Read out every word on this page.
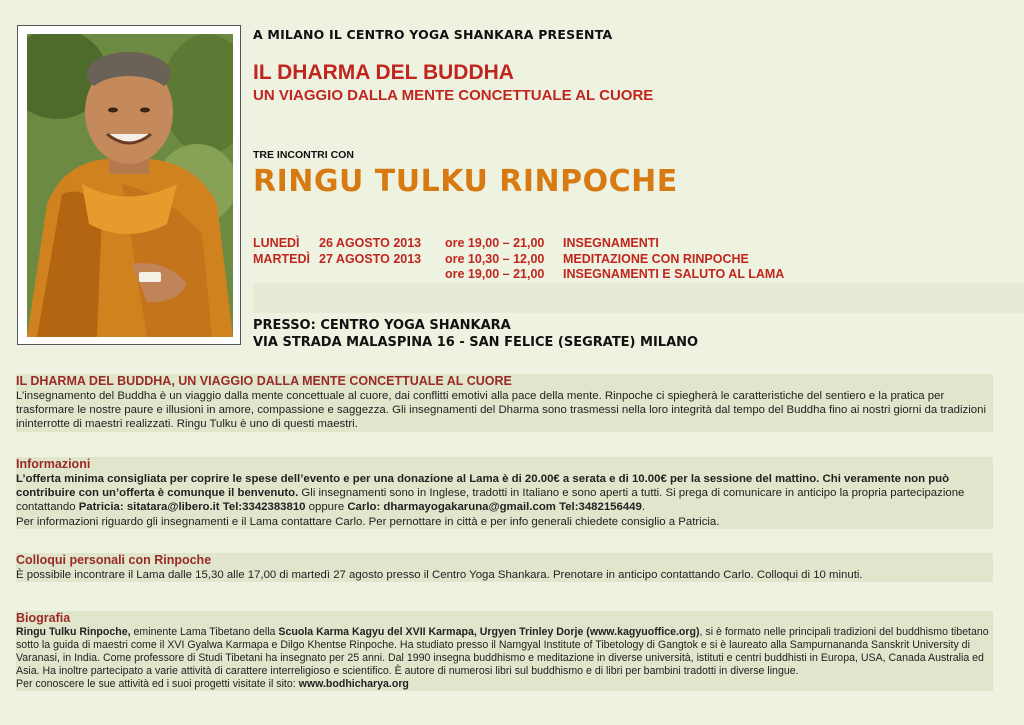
A MILANO IL CENTRO YOGA SHANKARA PRESENTA
IL DHARMA DEL BUDDHA
UN VIAGGIO DALLA MENTE CONCETTUALE AL CUORE
TRE INCONTRI CON
RINGU TULKU RINPOCHE
LUNEDÌ	26 AGOSTO 2013	ore 19,00 – 21,00	INSEGNAMENTI
MARTEDÌ 27 AGOSTO 2013	ore 10,30 – 12,00	MEDITAZIONE CON RINPOCHE
ore 19,00 – 21,00	INSEGNAMENTI E SALUTO AL LAMA
PRESSO: CENTRO YOGA SHANKARA
VIA STRADA MALASPINA 16 - SAN FELICE (SEGRATE) MILANO
IL DHARMA DEL BUDDHA, UN VIAGGIO DALLA MENTE CONCETTUALE AL CUORE
L’insegnamento del Buddha è un viaggio dalla mente concettuale al cuore, dai conflitti emotivi alla pace della mente. Rinpoche ci spiegherà le caratteristiche del sentiero e la pratica per trasformare le nostre paure e illusioni in amore, compassione e saggezza. Gli insegnamenti del Dharma sono trasmessi nella loro integrità dal tempo del Buddha fino ai nostri giorni da tradizioni ininterrotte di maestri realizzati. Ringu Tulku è uno di questi maestri.
Informazioni
L’offerta minima consigliata per coprire le spese dell’evento e per una donazione al Lama è di 20.00€ a serata e di 10.00€ per la sessione del mattino. Chi veramente non può contribuire con un’offerta è comunque il benvenuto. Gli insegnamenti sono in Inglese, tradotti in Italiano e sono aperti a tutti. Si prega di comunicare in anticipo la propria partecipazione contattando Patricia: sitatara@libero.it Tel:3342383810 oppure Carlo: dharmayogakaruna@gmail.com Tel:3482156449.
Per informazioni riguardo gli insegnamenti e il Lama contattare Carlo. Per pernottare in città e per info generali chiedete consiglio a Patricia.
Colloqui personali con Rinpoche
È possibile incontrare il Lama dalle 15,30 alle 17,00 di martedì 27 agosto presso il Centro Yoga Shankara. Prenotare in anticipo contattando Carlo. Colloqui di 10 minuti.
Biografia
Ringu Tulku Rinpoche, eminente Lama Tibetano della Scuola Karma Kagyu del XVII Karmapa, Urgyen Trinley Dorje (www.kagyuoffice.org), si è formato nelle principali tradizioni del buddhismo tibetano sotto la guida di maestri come il XVI Gyalwa Karmapa e Dilgo Khentse Rinpoche. Ha studiato presso il Namgyal Institute of Tibetology di Gangtok e si è laureato alla Sampurnananda Sanskrit University di Varanasi, in India. Come professore di Studi Tibetani ha insegnato per 25 anni. Dal 1990 insegna buddhismo e meditazione in diverse università, istituti e centri buddhisti in Europa, USA, Canada Australia ed Asia. Ha inoltre partecipato a varie attività di carattere interreligioso e scientifico. È autore di numerosi libri sul buddhismo e di libri per bambini tradotti in diverse lingue.
Per conoscere le sue attività ed i suoi progetti visitate il sito: www.bodhicharya.org
